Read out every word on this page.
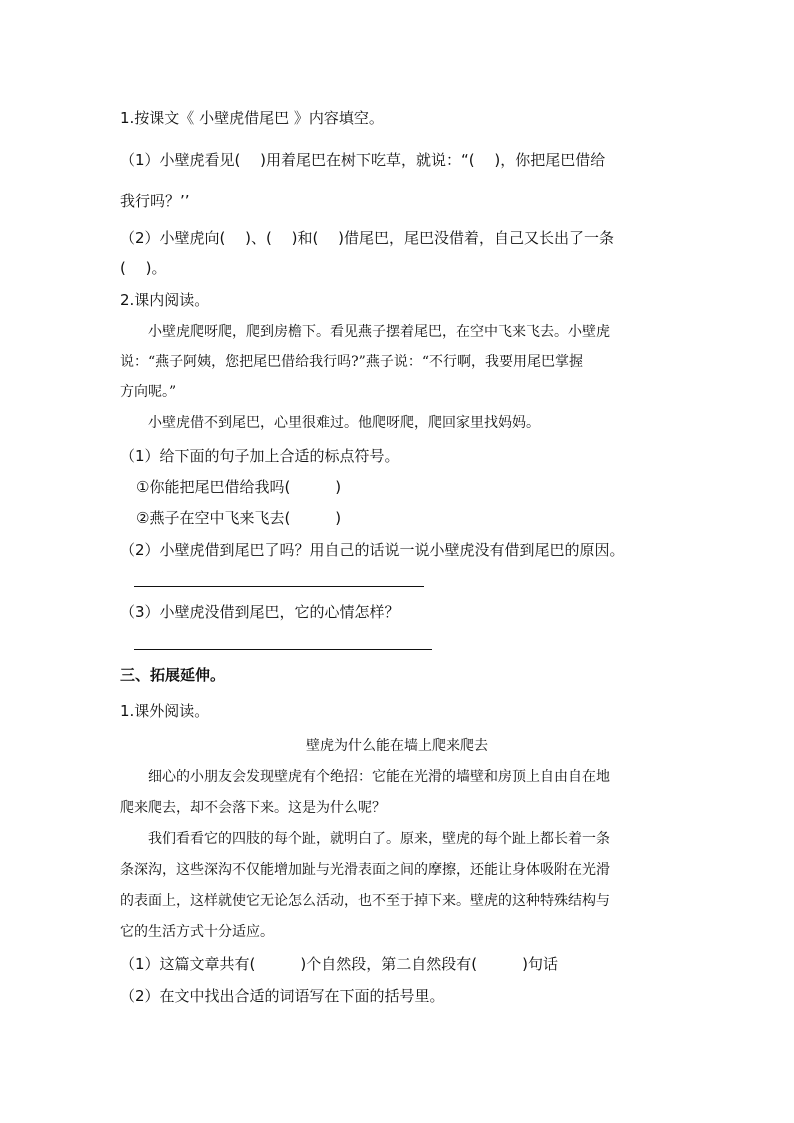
1.按课文《 小壁虎借尾巴 》内容填空。
（1）小壁虎看见(　 )用着尾巴在树下吃草，就说：“(　 )，你把尾巴借给
我行吗？’’
（2）小壁虎向(　 )、(　 )和(　 )借尾巴，尾巴没借着，自己又长出了一条
(　 )。
2.课内阅读。
小壁虎爬呀爬，爬到房檐下。看见燕子摆着尾巴，在空中飞来飞去。小壁虎
说：“燕子阿姨，您把尾巴借给我行吗?”燕子说：“不行啊，我要用尾巴掌握
方向呢。”
小壁虎借不到尾巴，心里很难过。他爬呀爬，爬回家里找妈妈。
（1）给下面的句子加上合适的标点符号。
①你能把尾巴借给我吗(　　　)
②燕子在空中飞来飞去(　　　)
（2）小壁虎借到尾巴了吗？用自己的话说一说小壁虎没有借到尾巴的原因。
（3）小壁虎没借到尾巴，它的心情怎样？
三、拓展延伸。
1.课外阅读。
壁虎为什么能在墙上爬来爬去
细心的小朋友会发现壁虎有个绝招：它能在光滑的墙壁和房顶上自由自在地
爬来爬去，却不会落下来。这是为什么呢？
我们看看它的四肢的每个趾，就明白了。原来，壁虎的每个趾上都长着一条
条深沟，这些深沟不仅能增加趾与光滑表面之间的摩擦，还能让身体吸附在光滑
的表面上，这样就使它无论怎么活动，也不至于掉下来。壁虎的这种特殊结构与
它的生活方式十分适应。
（1）这篇文章共有(　　　)个自然段，第二自然段有(　　　)句话
（2）在文中找出合适的词语写在下面的括号里。
